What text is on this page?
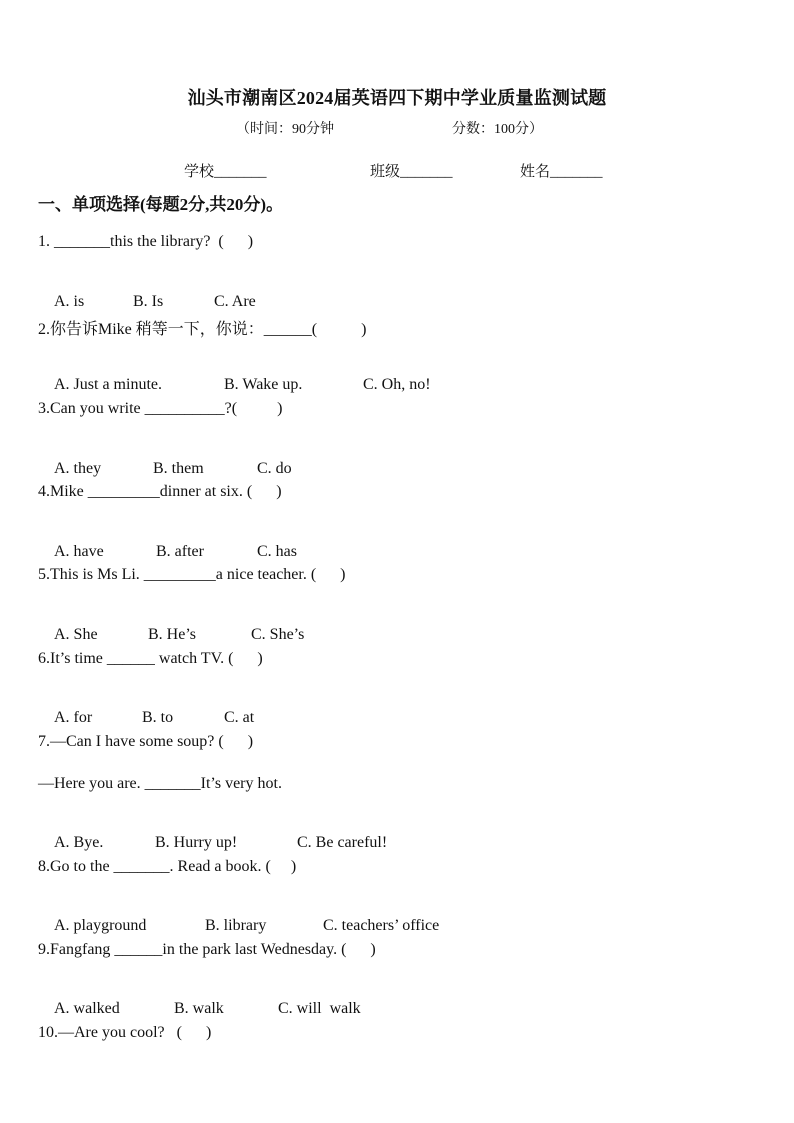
汕头市潮南区2024届英语四下期中学业质量监测试题
（时间：90分钟	分数：100分）
学校_______	班级_______	姓名_______
一、单项选择(每题2分,共20分)。
1. _______this the library?  (      )

A. is	B. Is	C. Are

2.你告诉Mike 稍等一下，你说：______(           )

A. Just a minute.	B. Wake up.	C. Oh, no!

3.Can you write __________?(          )

A. they	B. them	C. do

4.Mike _________dinner at six. (      )

A. have	B. after	C. has

5.This is Ms Li. _________a nice teacher. (      )

A. She	B. He’s	C. She’s

6.It’s time ______ watch TV. (      )

A. for	B. to	C. at

7.—Can I have some soup? (      )
—Here you are. _______It’s very hot.

A. Bye.	B. Hurry up!	C. Be careful!

8.Go to the _______. Read a book. (     )

A. playground	B. library	C. teachers’ office

9.Fangfang ______in the park last Wednesday. (      )

A. walked	B. walk	C. will  walk

10.—Are you cool?   (      )
